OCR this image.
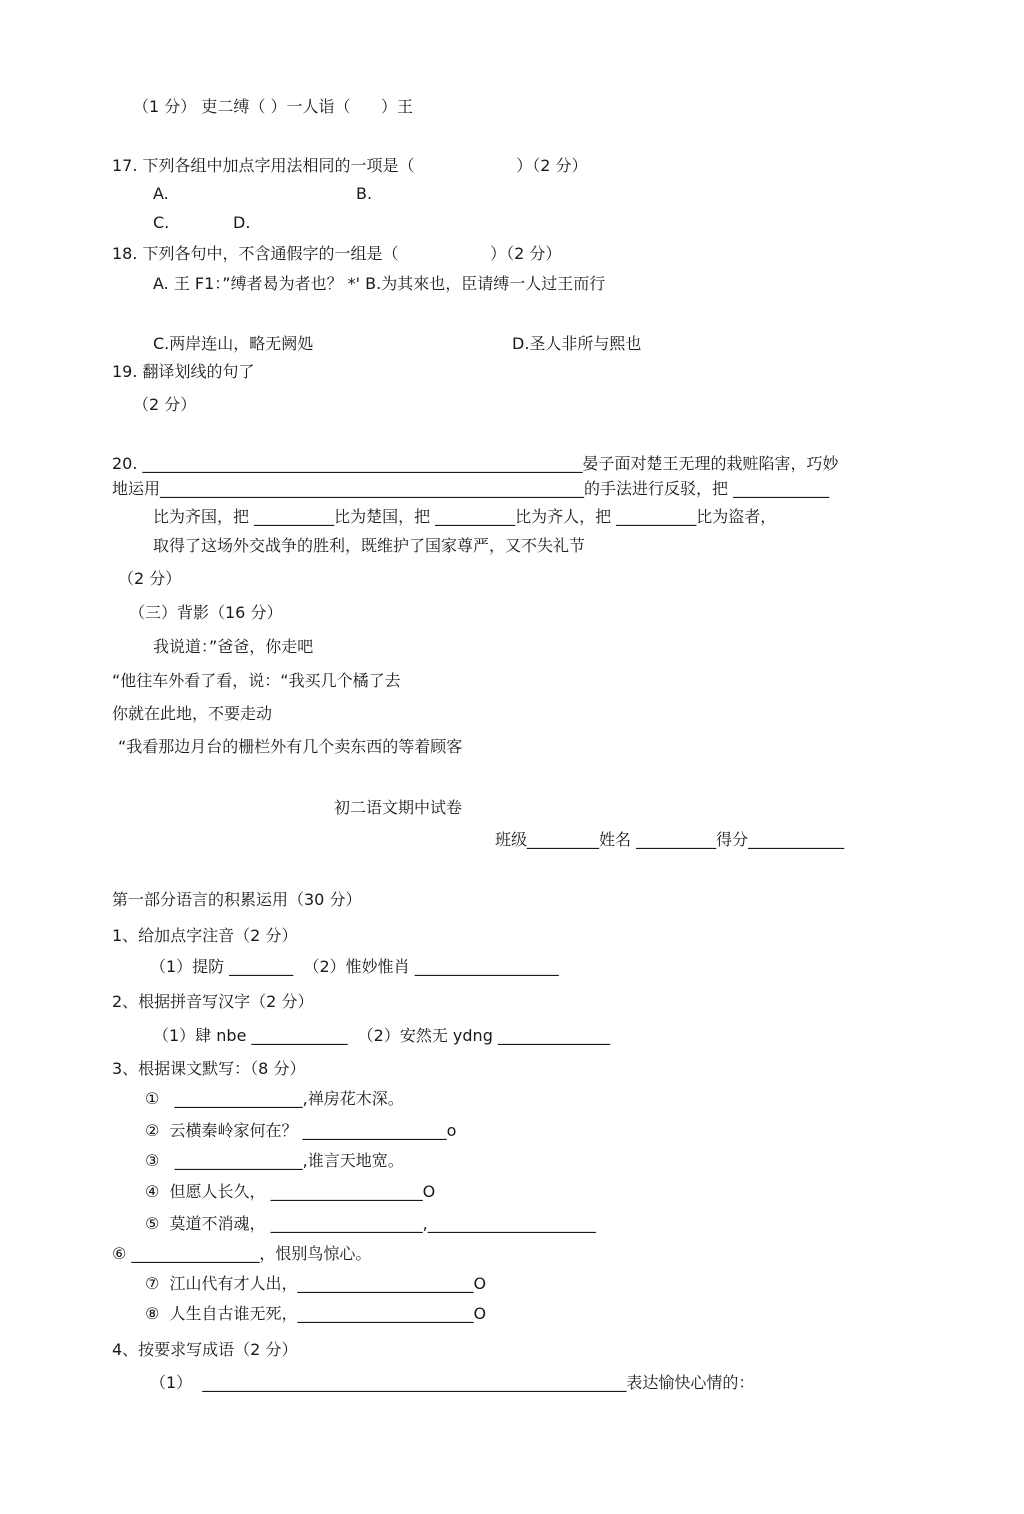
（1 分） 吏二缚（ ）一人诣（      ）王
17. 下列各组中加点字用法相同的一项是（                    ）（2 分）
A.	B.
C.	D.
18. 下列各句中，不含通假字的一组是（                  ）（2 分）
A. 王 F1：”缚者曷为者也？ *' B.为其來也，臣请缚一人过王而行
C.两岸连山，略无阙処	D.圣人非所与熙也
19. 翻译划线的句了
（2 分）
20. _______________________________________________________晏子面对楚王无理的栽赃陷害，巧妙
地运用_____________________________________________________的手法进行反驳，把 ____________
比为齐国，把 __________比为楚国，把 __________比为齐人，把 __________比为盗者，
取得了这场外交战争的胜利，既维护了国家尊严，又不失礼节
（2 分）
（三）背影（16 分）
我说道：”爸爸，你走吧
“他往车外看了看，说：“我买几个橘了去
你就在此地，不要走动
“我看那边月台的栅栏外有几个卖东西的等着顾客
初二语文期中试卷
班级_________姓名 __________得分____________
第一部分语言的积累运用（30 分）
1、给加点字注音（2 分）
（1）提防 ________  （2）惟妙惟肖 __________________
2、根据拼音写汉字（2 分）
（1）肆 nbe ____________  （2）安然无 ydng ______________
3、根据课文默写：（8 分）
①   ________________,禅房花木深。
②  云横秦岭家何在？ __________________o
③   ________________,谁言天地宽。
④  但愿人长久， ___________________O
⑤  莫道不消魂， ___________________,_____________________
⑥ ________________，恨别鸟惊心。
⑦  江山代有才人出，______________________O
⑧  人生自古谁无死，______________________O
4、按要求写成语（2 分）
（1）  _____________________________________________________表达愉快心情的：
